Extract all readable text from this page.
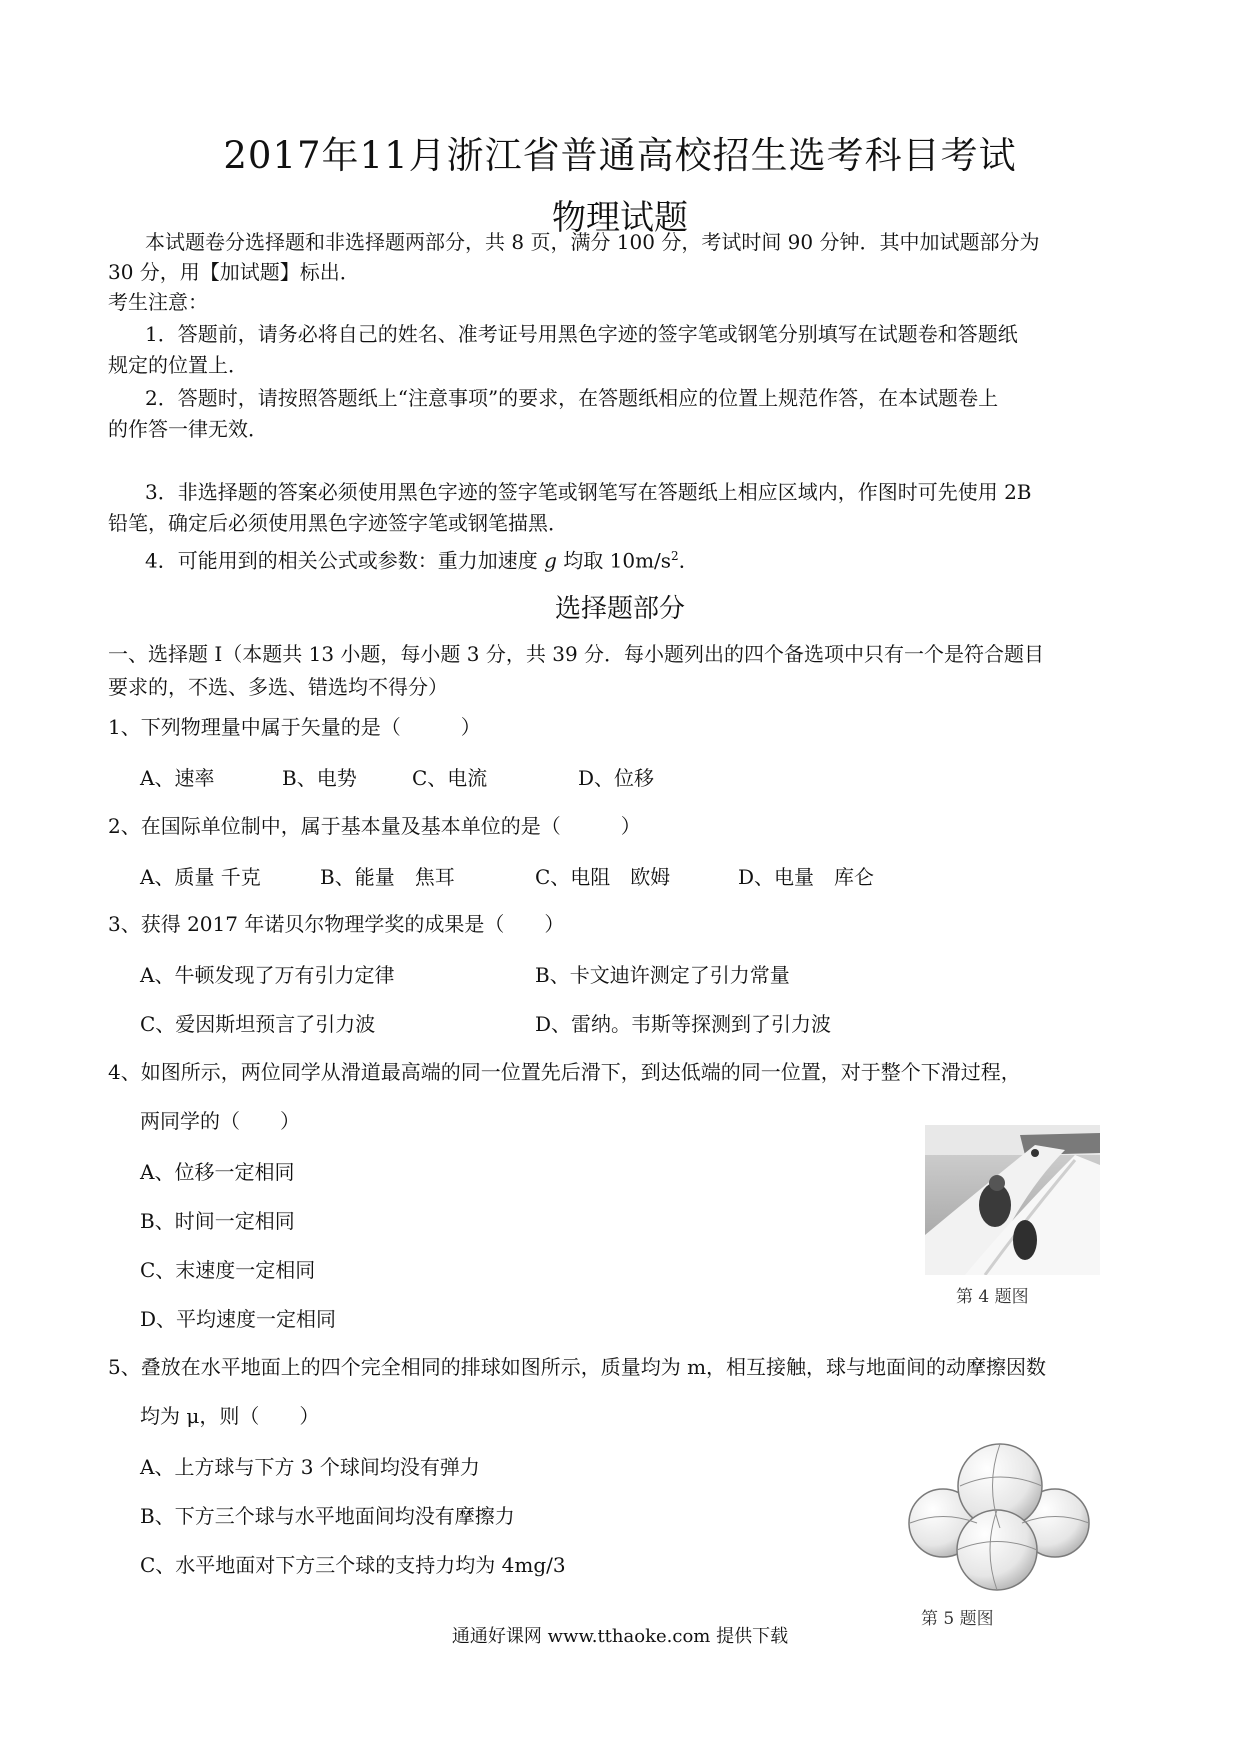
2017年11月浙江省普通高校招生选考科目考试
物理试题
本试题卷分选择题和非选择题两部分，共 8 页，满分 100 分，考试时间 90 分钟．其中加试题部分为
30 分，用【加试题】标出．
考生注意：
1．答题前，请务必将自己的姓名、准考证号用黑色字迹的签字笔或钢笔分别填写在试题卷和答题纸
规定的位置上．
2．答题时，请按照答题纸上“注意事项”的要求，在答题纸相应的位置上规范作答，在本试题卷上
的作答一律无效．
3．非选择题的答案必须使用黑色字迹的签字笔或钢笔写在答题纸上相应区域内，作图时可先使用 2B
铅笔，确定后必须使用黑色字迹签字笔或钢笔描黑．
4．可能用到的相关公式或参数：重力加速度 g 均取 $10m/s^2$．
选择题部分
一、选择题 I（本题共 13 小题，每小题 3 分，共 39 分．每小题列出的四个备选项中只有一个是符合题目
要求的，不选、多选、错选均不得分）
1、下列物理量中属于矢量的是（　　　）
A、速率	B、电势	C、电流	D、位移
2、在国际单位制中，属于基本量及基本单位的是（　　　）
A、质量 千克	B、能量　焦耳	C、电阻　欧姆	D、电量　库仑
3、获得 2017 年诺贝尔物理学奖的成果是（　　）
A、牛顿发现了万有引力定律	B、卡文迪许测定了引力常量
C、爱因斯坦预言了引力波	D、雷纳。韦斯等探测到了引力波
4、如图所示，两位同学从滑道最高端的同一位置先后滑下，到达低端的同一位置，对于整个下滑过程，
两同学的（　　）
A、位移一定相同
B、时间一定相同
C、末速度一定相同
D、平均速度一定相同
第 4 题图
5、叠放在水平地面上的四个完全相同的排球如图所示，质量均为 m，相互接触，球与地面间的动摩擦因数
均为 μ，则（　　）
A、上方球与下方 3 个球间均没有弹力
B、下方三个球与水平地面间均没有摩擦力
C、水平地面对下方三个球的支持力均为 4mg/3
第 5 题图
通通好课网 www.tthaoke.com 提供下载
